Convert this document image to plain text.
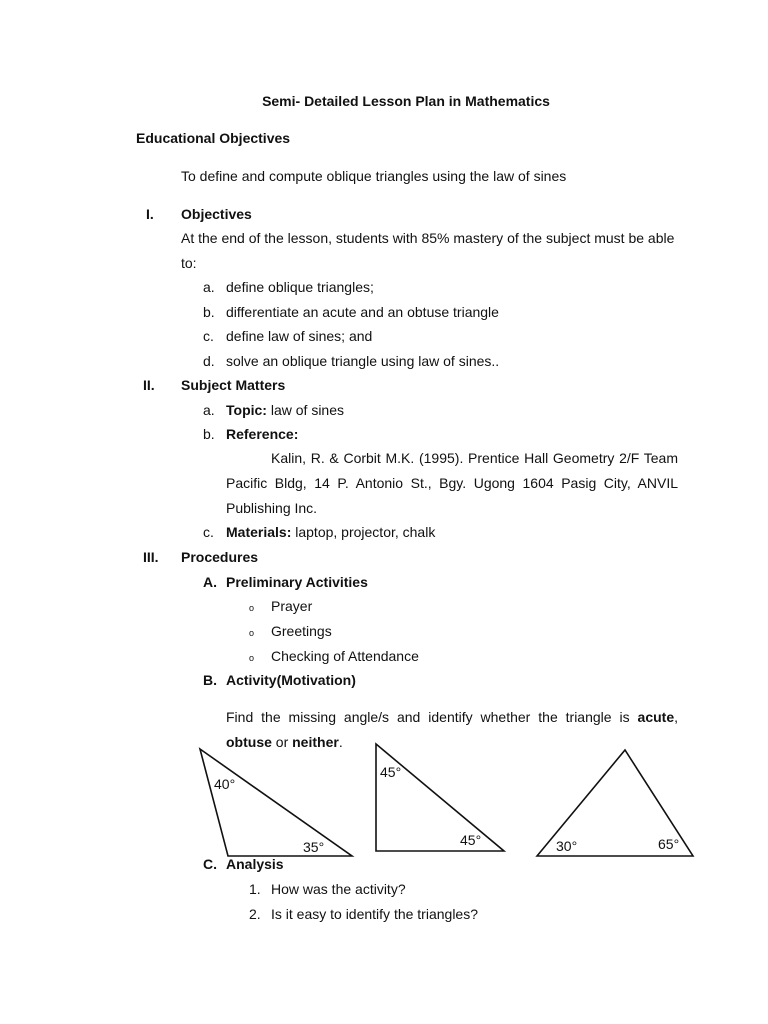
Semi- Detailed Lesson Plan in Mathematics
Educational Objectives
To define and compute oblique triangles using the law of sines
I. Objectives
At the end of the lesson, students with 85% mastery of the subject must be able
to:
a. define oblique triangles;
b. differentiate an acute and an obtuse triangle
c. define law of sines; and
d. solve an oblique triangle using law of sines..
II. Subject Matters
a. Topic: law of sines
b. Reference:
Kalin, R. & Corbit M.K. (1995). Prentice Hall Geometry 2/F Team
Pacific Bldg, 14 P. Antonio St., Bgy. Ugong 1604 Pasig City, ANVIL
Publishing Inc.
c. Materials: laptop, projector, chalk
III. Procedures
A. Preliminary Activities
o Prayer
o Greetings
o Checking of Attendance
B. Activity(Motivation)
Find the missing angle/s and identify whether the triangle is acute,
obtuse or neither.
40°
35°
45°
45°	30°	65°
C. Analysis
1. How was the activity?
2. Is it easy to identify the triangles?
